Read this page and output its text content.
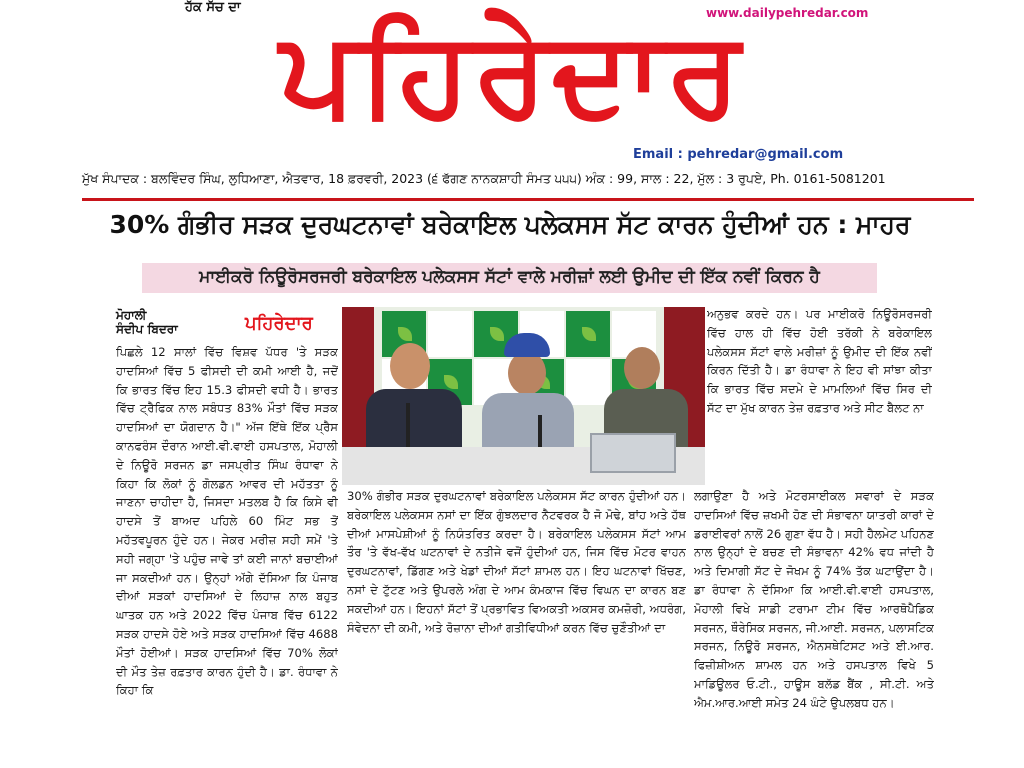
ਹੱਕ ਸੱਚ ਦਾ	www.dailypehredar.com
ਪਹਿਰੇਦਾਰ
Email : pehredar@gmail.com
ਮੁੱਖ ਸੰਪਾਦਕ : ਬਲਵਿੰਦਰ ਸਿੰਘ, ਲੁਧਿਆਣਾ, ਐਤਵਾਰ, 18 ਫ਼ਰਵਰੀ, 2023 (੬ ਫੱਗਣ ਨਾਨਕਸ਼ਾਹੀ ਸੰਮਤ ੫੫੫) ਅੰਕ : 99, ਸਾਲ : 22, ਮੁੱਲ : 3 ਰੁਪਏ, Ph. 0161-5081201
30% ਗੰਭੀਰ ਸੜਕ ਦੁਰਘਟਨਾਵਾਂ ਬਰੇਕਾਇਲ ਪਲੇਕਸਸ ਸੱਟ ਕਾਰਨ ਹੁੰਦੀਆਂ ਹਨ : ਮਾਹਰ
ਮਾਈਕਰੋ ਨਿਊਰੋਸਰਜਰੀ ਬਰੇਕਾਇਲ ਪਲੇਕਸਸ ਸੱਟਾਂ ਵਾਲੇ ਮਰੀਜ਼ਾਂ ਲਈ ਉਮੀਦ ਦੀ ਇੱਕ ਨਵੀਂ ਕਿਰਨ ਹੈ
ਮੋਹਾਲੀ
ਸੰਦੀਪ ਬਿਦਰਾ	ਪਹਿਰੇਦਾਰ
ਪਿਛਲੇ 12 ਸਾਲਾਂ ਵਿੱਚ ਵਿਸ਼ਵ ਪੱਧਰ 'ਤੇ ਸੜਕ ਹਾਦਸਿਆਂ ਵਿੱਚ 5 ਫੀਸਦੀ ਦੀ ਕਮੀ ਆਈ ਹੈ, ਜਦੋਂ ਕਿ ਭਾਰਤ ਵਿੱਚ ਇਹ 15.3 ਫੀਸਦੀ ਵਧੀ ਹੈ। ਭਾਰਤ ਵਿੱਚ ਟ੍ਰੈਫਿਕ ਨਾਲ ਸਬੰਧਤ 83% ਮੌਤਾਂ ਵਿੱਚ ਸੜਕ ਹਾਦਸਿਆਂ ਦਾ ਯੋਗਦਾਨ ਹੈ।" ਅੱਜ ਇੱਥੇ ਇੱਕ ਪ੍ਰੈਸ ਕਾਨਫਰੰਸ ਦੌਰਾਨ ਆਈ.ਵੀ.ਵਾਈ ਹਸਪਤਾਲ, ਮੋਹਾਲੀ ਦੇ ਨਿਊਰੋ ਸਰਜਨ ਡਾ ਜਸਪ੍ਰੀਤ ਸਿੰਘ ਰੰਧਾਵਾ ਨੇ ਕਿਹਾ ਕਿ ਲੋਕਾਂ ਨੂੰ ਗੋਲਡਨ ਆਵਰ ਦੀ ਮਹੱਤਤਾ ਨੂੰ ਜਾਣਨਾ ਚਾਹੀਦਾ ਹੈ, ਜਿਸਦਾ ਮਤਲਬ ਹੈ ਕਿ ਕਿਸੇ ਵੀ ਹਾਦਸੇ ਤੋਂ ਬਾਅਦ ਪਹਿਲੇ 60 ਮਿੰਟ ਸਭ ਤੋਂ ਮਹੱਤਵਪੂਰਨ ਹੁੰਦੇ ਹਨ। ਜੇਕਰ ਮਰੀਜ਼ ਸਹੀ ਸਮੇਂ 'ਤੇ ਸਹੀ ਜਗ੍ਹਾ 'ਤੇ ਪਹੁੰਚ ਜਾਵੇ ਤਾਂ ਕਈ ਜਾਨਾਂ ਬਚਾਈਆਂ ਜਾ ਸਕਦੀਆਂ ਹਨ। ਉਨ੍ਹਾਂ ਅੱਗੇ ਦੱਸਿਆ ਕਿ ਪੰਜਾਬ ਦੀਆਂ ਸੜਕਾਂ ਹਾਦਸਿਆਂ ਦੇ ਲਿਹਾਜ਼ ਨਾਲ ਬਹੁਤ ਘਾਤਕ ਹਨ ਅਤੇ 2022 ਵਿੱਚ ਪੰਜਾਬ ਵਿੱਚ 6122 ਸੜਕ ਹਾਦਸੇ ਹੋਏ ਅਤੇ ਸੜਕ ਹਾਦਸਿਆਂ ਵਿੱਚ 4688 ਮੌਤਾਂ ਹੋਈਆਂ। ਸੜਕ ਹਾਦਸਿਆਂ ਵਿੱਚ 70% ਲੋਕਾਂ ਦੀ ਮੌਤ ਤੇਜ਼ ਰਫ਼ਤਾਰ ਕਾਰਨ ਹੁੰਦੀ ਹੈ। ਡਾ. ਰੰਧਾਵਾ ਨੇ ਕਿਹਾ ਕਿ
30% ਗੰਭੀਰ ਸੜਕ ਦੁਰਘਟਨਾਵਾਂ ਬਰੇਕਾਇਲ ਪਲੇਕਸਸ ਸੱਟ ਕਾਰਨ ਹੁੰਦੀਆਂ ਹਨ। ਬਰੇਕਾਇਲ ਪਲੇਕਸਸ ਨਸਾਂ ਦਾ ਇੱਕ ਗੁੰਝਲਦਾਰ ਨੈਟਵਰਕ ਹੈ ਜੋ ਮੋਢੇ, ਬਾਂਹ ਅਤੇ ਹੱਥ ਦੀਆਂ ਮਾਸਪੇਸ਼ੀਆਂ ਨੂੰ ਨਿਯੰਤਰਿਤ ਕਰਦਾ ਹੈ। ਬਰੇਕਾਇਲ ਪਲੇਕਸਸ ਸੱਟਾਂ ਆਮ ਤੌਰ 'ਤੇ ਵੱਖ-ਵੱਖ ਘਟਨਾਵਾਂ ਦੇ ਨਤੀਜੇ ਵਜੋਂ ਹੁੰਦੀਆਂ ਹਨ, ਜਿਸ ਵਿੱਚ ਮੋਟਰ ਵਾਹਨ ਦੁਰਘਟਨਾਵਾਂ, ਡਿੱਗਣ ਅਤੇ ਖੇਡਾਂ ਦੀਆਂ ਸੱਟਾਂ ਸ਼ਾਮਲ ਹਨ। ਇਹ ਘਟਨਾਵਾਂ ਖਿੱਚਣ, ਨਸਾਂ ਦੇ ਟੁੱਟਣ ਅਤੇ ਉਪਰਲੇ ਅੰਗ ਦੇ ਆਮ ਕੰਮਕਾਜ ਵਿੱਚ ਵਿਘਨ ਦਾ ਕਾਰਨ ਬਣ ਸਕਦੀਆਂ ਹਨ। ਇਹਨਾਂ ਸੱਟਾਂ ਤੋਂ ਪ੍ਰਭਾਵਿਤ ਵਿਅਕਤੀ ਅਕਸਰ ਕਮਜ਼ੋਰੀ, ਅਧਰੰਗ, ਸੰਵੇਦਨਾ ਦੀ ਕਮੀ, ਅਤੇ ਰੋਜ਼ਾਨਾ ਦੀਆਂ ਗਤੀਵਿਧੀਆਂ ਕਰਨ ਵਿੱਚ ਚੁਣੌਤੀਆਂ ਦਾ
ਅਨੁਭਵ ਕਰਦੇ ਹਨ। ਪਰ ਮਾਈਕਰੋ ਨਿਊਰੋਸਰਜਰੀ ਵਿੱਚ ਹਾਲ ਹੀ ਵਿੱਚ ਹੋਈ ਤਰੱਕੀ ਨੇ ਬਰੇਕਾਇਲ ਪਲੇਕਸਸ ਸੱਟਾਂ ਵਾਲੇ ਮਰੀਜ਼ਾਂ ਨੂੰ ਉਮੀਦ ਦੀ ਇੱਕ ਨਵੀਂ ਕਿਰਨ ਦਿੱਤੀ ਹੈ। ਡਾ ਰੰਧਾਵਾ ਨੇ ਇਹ ਵੀ ਸਾਂਝਾ ਕੀਤਾ ਕਿ ਭਾਰਤ ਵਿੱਚ ਸਦਮੇ ਦੇ ਮਾਮਲਿਆਂ ਵਿੱਚ ਸਿਰ ਦੀ ਸੱਟ ਦਾ ਮੁੱਖ ਕਾਰਨ ਤੇਜ਼ ਰਫ਼ਤਾਰ ਅਤੇ ਸੀਟ ਬੈਲਟ ਨਾ
ਲਗਾਉਣਾ ਹੈ ਅਤੇ ਮੋਟਰਸਾਈਕਲ ਸਵਾਰਾਂ ਦੇ ਸੜਕ ਹਾਦਸਿਆਂ ਵਿੱਚ ਜ਼ਖਮੀ ਹੋਣ ਦੀ ਸੰਭਾਵਨਾ ਯਾਤਰੀ ਕਾਰਾਂ ਦੇ ਡਰਾਈਵਰਾਂ ਨਾਲੋਂ 26 ਗੁਣਾ ਵੱਧ ਹੈ। ਸਹੀ ਹੈਲਮੇਟ ਪਹਿਨਣ ਨਾਲ ਉਨ੍ਹਾਂ ਦੇ ਬਚਣ ਦੀ ਸੰਭਾਵਨਾ 42% ਵਧ ਜਾਂਦੀ ਹੈ ਅਤੇ ਦਿਮਾਗੀ ਸੱਟ ਦੇ ਜੋਖਮ ਨੂੰ 74% ਤੱਕ ਘਟਾਉਂਦਾ ਹੈ। ਡਾ ਰੰਧਾਵਾ ਨੇ ਦੱਸਿਆ ਕਿ ਆਈ.ਵੀ.ਵਾਈ ਹਸਪਤਾਲ, ਮੋਹਾਲੀ ਵਿਖੇ ਸਾਡੀ ਟਰਾਮਾ ਟੀਮ ਵਿੱਚ ਆਰਥੋਪੈਡਿਕ ਸਰਜਨ, ਥੌਰੇਸਿਕ ਸਰਜਨ, ਜੀ.ਆਈ. ਸਰਜਨ, ਪਲਾਸਟਿਕ ਸਰਜਨ, ਨਿਊਰੋ ਸਰਜਨ, ਐਨਸਥੇਟਿਸਟ ਅਤੇ ਈ.ਆਰ. ਫਿਜ਼ੀਸ਼ੀਅਨ ਸ਼ਾਮਲ ਹਨ ਅਤੇ ਹਸਪਤਾਲ ਵਿਖੇ 5 ਮਾਡਿਊਲਰ ਓ.ਟੀ., ਹਾਊਸ ਬਲੱਡ ਬੈਂਕ , ਸੀ.ਟੀ. ਅਤੇ ਐਮ.ਆਰ.ਆਈ ਸਮੇਤ 24 ਘੰਟੇ ਉਪਲਬਧ ਹਨ।
